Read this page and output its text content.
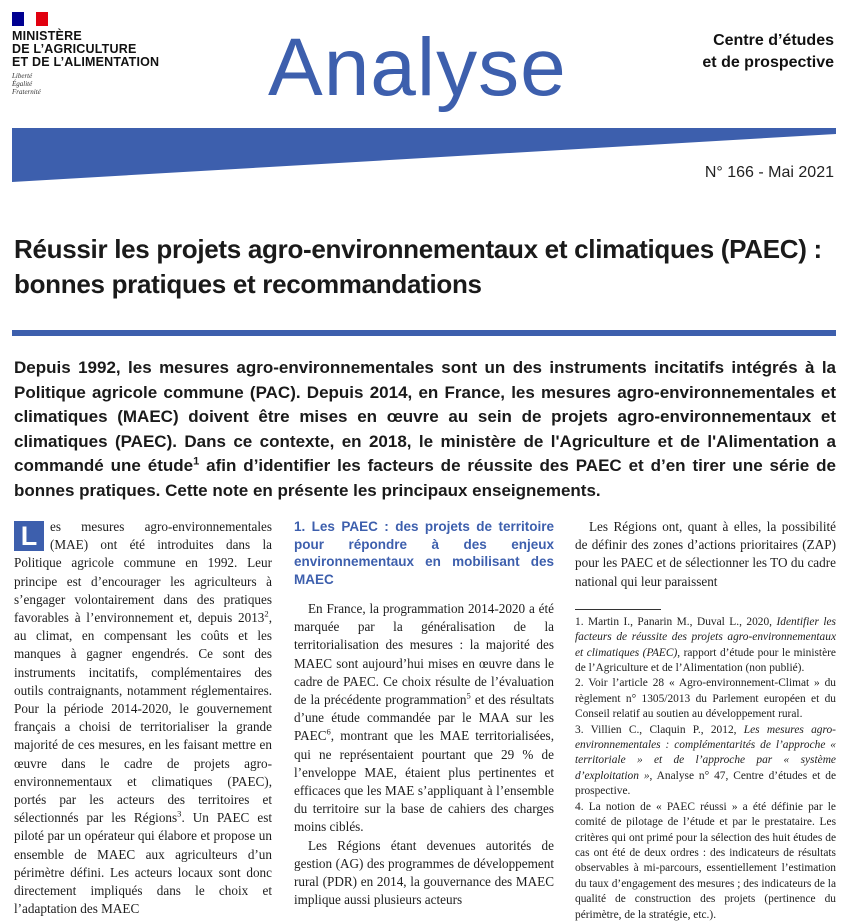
MINISTÈRE
DE L’AGRICULTURE
ET DE L’ALIMENTATION
Liberté
Égalité
Fraternité	Analyse	Centre d’études
et de prospective
N° 166 - Mai 2021
Réussir les projets agro-environnementaux et climatiques (PAEC) :
bonnes pratiques et recommandations

Depuis 1992, les mesures agro-environnementales sont un des instruments incitatifs intégrés à la Politique agricole commune (PAC). Depuis 2014, en France, les mesures agro-environnementales et climatiques (MAEC) doivent être mises en œuvre au sein de projets agro-environnementaux et climatiques (PAEC). Dans ce contexte, en 2018, le ministère de l'Agriculture et de l'Alimentation a commandé une étude$^1$ afin d’identifier les facteurs de réussite des PAEC et d’en tirer une série de bonnes pratiques. Cette note en présente les principaux enseignements.

L es mesures agro-environnementales (MAE) ont été introduites dans la Politique agricole commune en 1992. Leur principe est d’encourager les agriculteurs à s’engager volontairement dans des pratiques favorables à l’environnement et, depuis 2013$^2$, au climat, en compensant les coûts et les manques à gagner engendrés. Ce sont des instruments incitatifs, complémentaires des outils contraignants, notamment réglementaires. Pour la période 2014-2020, le gouvernement français a choisi de territorialiser la grande majorité de ces mesures, en les faisant mettre en œuvre dans le cadre de projets agro-environnementaux et climatiques (PAEC), portés par les acteurs des territoires et sélectionnés par les Régions$^3$. Un PAEC est piloté par un opérateur qui élabore et propose un ensemble de MAEC aux agriculteurs d’un périmètre défini. Les acteurs locaux sont donc directement impliqués dans le choix et l’adaptation des MAEC

1. Les PAEC : des projets de territoire pour répondre à des enjeux environnementaux en mobilisant des MAEC

En France, la programmation 2014-2020 a été marquée par la généralisation de la territorialisation des mesures : la majorité des MAEC sont aujourd’hui mises en œuvre dans le cadre de PAEC. Ce choix résulte de l’évaluation de la précédente programmation$^5$ et des résultats d’une étude commandée par le MAA sur les PAEC$^6$, montrant que les MAE territorialisées, qui ne représentaient pourtant que 29 % de l’enveloppe MAE, étaient plus pertinentes et efficaces que les MAE s’appliquant à l’ensemble du territoire sur la base de cahiers des charges moins ciblés.

Les Régions étant devenues autorités de gestion (AG) des programmes de développement rural (PDR) en 2014, la gouvernance des MAEC implique aussi plusieurs acteurs

Les Régions ont, quant à elles, la possibilité de définir des zones d’actions prioritaires (ZAP) pour les PAEC et de sélectionner les TO du cadre national qui leur paraissent

1. Martin I., Panarin M., Duval L., 2020, Identifier les facteurs de réussite des projets agro-environnementaux et climatiques (PAEC), rapport d’étude pour le ministère de l’Agriculture et de l’Alimentation (non publié).

2. Voir l’article 28 « Agro-environnement-Climat » du règlement n° 1305/2013 du Parlement européen et du Conseil relatif au soutien au développement rural.

3. Villien C., Claquin P., 2012, Les mesures agro-environnementales : complémentarités de l’approche « territoriale » et de l’approche par « système d’exploitation », Analyse n° 47, Centre d’études et de prospective.

4. La notion de « PAEC réussi » a été définie par le comité de pilotage de l’étude et par le prestataire. Les critères qui ont primé pour la sélection des huit études de cas ont été de deux ordres : des indicateurs de résultats observables à mi-parcours, essentiellement l’estimation du taux d’engagement des mesures ; des indicateurs de la qualité de construction des projets (pertinence du périmètre, de la stratégie, etc.).
